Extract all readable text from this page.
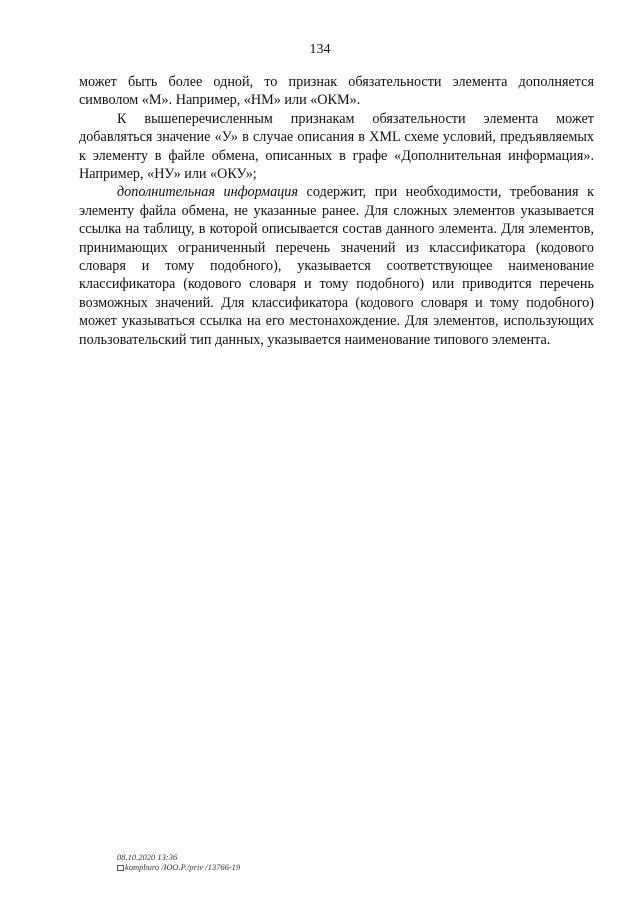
134

может быть более одной, то признак обязательности элемента дополняется символом «М». Например, «НМ» или «ОКМ».

К вышеперечисленным признакам обязательности элемента может добавляться значение «У» в случае описания в XML схеме условий, предъявляемых к элементу в файле обмена, описанных в графе «Дополнительная информация». Например, «НУ» или «ОКУ»;

дополнительная информация содержит, при необходимости, требования к элементу файла обмена, не указанные ранее. Для сложных элементов указывается ссылка на таблицу, в которой описывается состав данного элемента. Для элементов, принимающих ограниченный перечень значений из классификатора (кодового словаря и тому подобного), указывается соответствующее наименование классификатора (кодового словаря и тому подобного) или приводится перечень возможных значений. Для классификатора (кодового словаря и тому подобного) может указываться ссылка на его местонахождение. Для элементов, использующих пользовательский тип данных, указывается наименование типового элемента.

08.10.2020 13:36
kompburo /ЮО.Р./priv /13766-19
